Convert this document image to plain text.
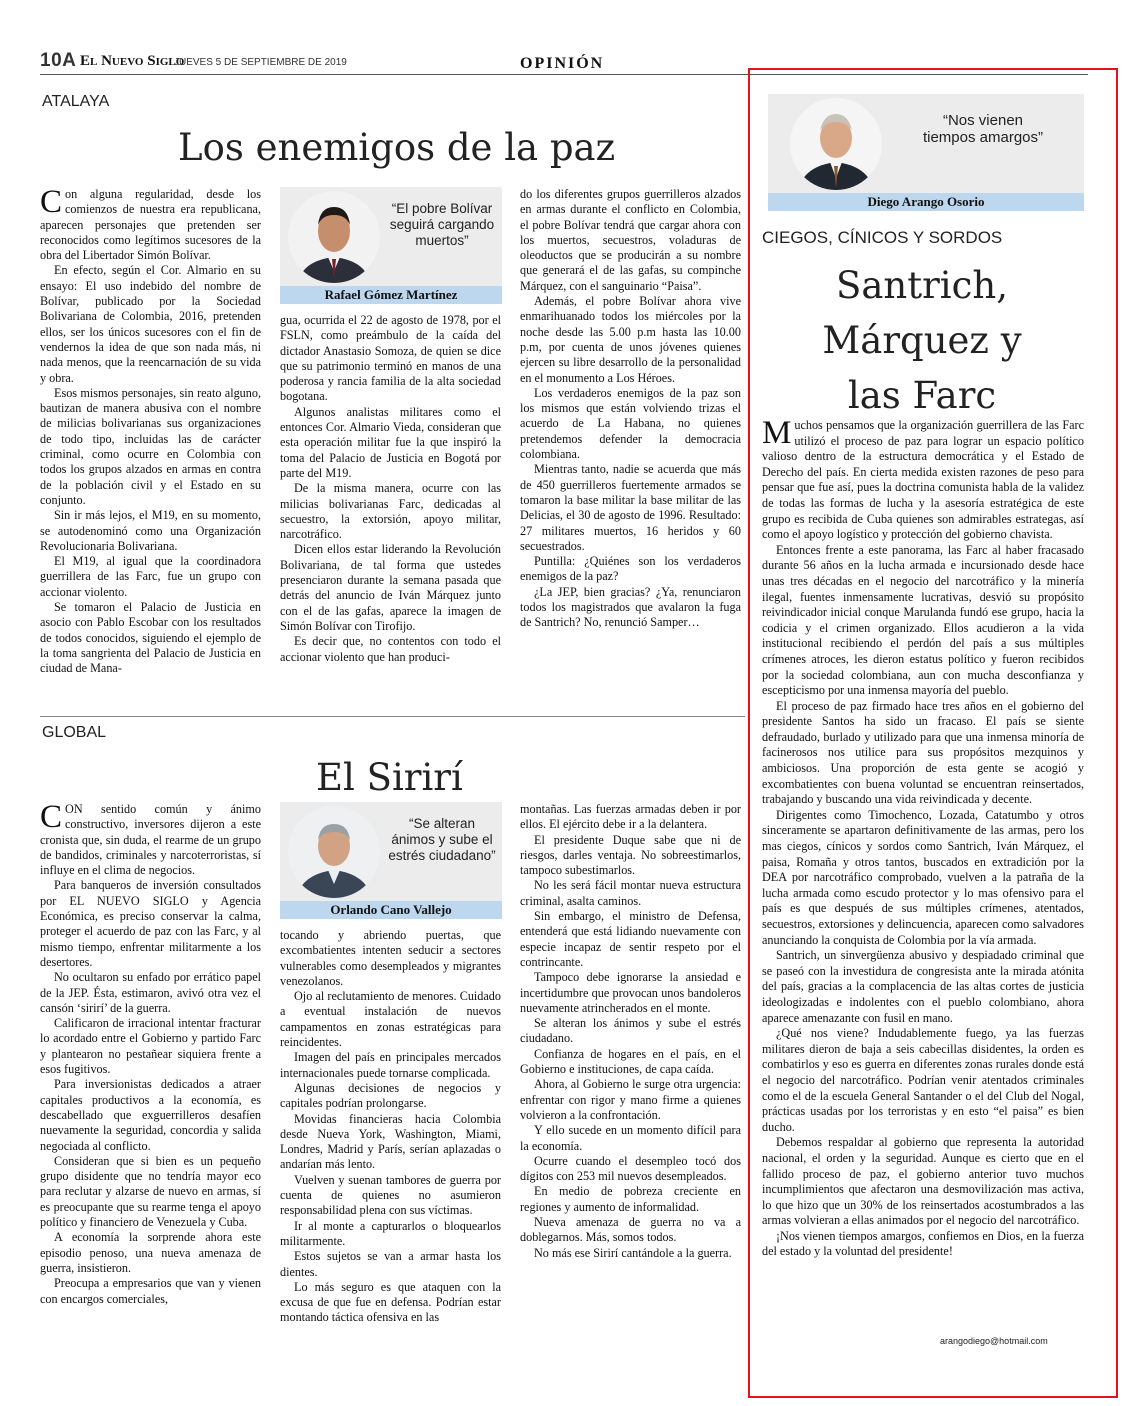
10A El Nuevo Siglo
JUEVES 5 DE SEPTIEMBRE DE 2019	OPINIÓN
ATALAYA
Los enemigos de la paz

Con alguna regularidad, desde los comienzos de nuestra era republicana, aparecen personajes que pretenden ser reconocidos como legítimos sucesores de la obra del Libertador Simón Bolívar.

En efecto, según el Cor. Almario en su ensayo: El uso indebido del nombre de Bolívar, publicado por la Sociedad Bolivariana de Colombia, 2016, pretenden ellos, ser los únicos sucesores con el fin de vendernos la idea de que son nada más, ni nada menos, que la reencarnación de su vida y obra.

Esos mismos personajes, sin reato alguno, bautizan de manera abusiva con el nombre de milicias bolivarianas sus organizaciones de todo tipo, incluidas las de carácter criminal, como ocurre en Colombia con todos los grupos alzados en armas en contra de la población civil y el Estado en su conjunto.

Sin ir más lejos, el M19, en su momento, se autodenominó como una Organización Revolucionaria Bolivariana.

El M19, al igual que la coordinadora guerrillera de las Farc, fue un grupo con accionar violento.

Se tomaron el Palacio de Justicia en asocio con Pablo Escobar con los resultados de todos conocidos, siguiendo el ejemplo de la toma sangrienta del Palacio de Justicia en ciudad de Mana-

“El pobre Bolívar seguirá cargando muertos”
Rafael Gómez Martínez

gua, ocurrida el 22 de agosto de 1978, por el FSLN, como preámbulo de la caída del dictador Anastasio Somoza, de quien se dice que su patrimonio terminó en manos de una poderosa y rancia familia de la alta sociedad bogotana.

Algunos analistas militares como el entonces Cor. Almario Vieda, consideran que esta operación militar fue la que inspiró la toma del Palacio de Justicia en Bogotá por parte del M19.

De la misma manera, ocurre con las milicias bolivarianas Farc, dedicadas al secuestro, la extorsión, apoyo militar, narcotráfico.

Dicen ellos estar liderando la Revolución Bolivariana, de tal forma que ustedes presenciaron durante la semana pasada que detrás del anuncio de Iván Márquez junto con el de las gafas, aparece la imagen de Simón Bolívar con Tirofijo.

Es decir que, no contentos con todo el accionar violento que han produci-

do los diferentes grupos guerrilleros alzados en armas durante el conflicto en Colombia, el pobre Bolívar tendrá que cargar ahora con los muertos, secuestros, voladuras de oleoductos que se producirán a su nombre que generará el de las gafas, su compinche Márquez, con el sanguinario “Paisa”.

Además, el pobre Bolívar ahora vive enmarihuanado todos los miércoles por la noche desde las 5.00 p.m hasta las 10.00 p.m, por cuenta de unos jóvenes quienes ejercen su libre desarrollo de la personalidad en el monumento a Los Héroes.

Los verdaderos enemigos de la paz son los mismos que están volviendo trizas el acuerdo de La Habana, no quienes pretendemos defender la democracia colombiana.

Mientras tanto, nadie se acuerda que más de 450 guerrilleros fuertemente armados se tomaron la base militar la base militar de las Delicias, el 30 de agosto de 1996. Resultado: 27 militares muertos, 16 heridos y 60 secuestrados.

Puntilla: ¿Quiénes son los verdaderos enemigos de la paz?

¿La JEP, bien gracias? ¿Ya, renunciaron todos los magistrados que avalaron la fuga de Santrich? No, renunció Samper…

GLOBAL
El Sirirí

CON sentido común y ánimo constructivo, inversores dijeron a este cronista que, sin duda, el rearme de un grupo de bandidos, criminales y narcoterroristas, sí influye en el clima de negocios.

Para banqueros de inversión consultados por EL NUEVO SIGLO y Agencia Económica, es preciso conservar la calma, proteger el acuerdo de paz con las Farc, y al mismo tiempo, enfrentar militarmente a los desertores.

No ocultaron su enfado por errático papel de la JEP. Ésta, estimaron, avivó otra vez el cansón ‘sirirí’ de la guerra.

Calificaron de irracional intentar fracturar lo acordado entre el Gobierno y partido Farc y plantearon no pestañear siquiera frente a esos fugitivos.

Para inversionistas dedicados a atraer capitales productivos a la economía, es descabellado que exguerrilleros desafíen nuevamente la seguridad, concordia y salida negociada al conflicto.

Consideran que si bien es un pequeño grupo disidente que no tendría mayor eco para reclutar y alzarse de nuevo en armas, sí es preocupante que su rearme tenga el apoyo político y financiero de Venezuela y Cuba.

A economía la sorprende ahora este episodio penoso, una nueva amenaza de guerra, insistieron.

Preocupa a empresarios que van y vienen con encargos comerciales,

“Se alteran ánimos y sube el estrés ciudadano”
Orlando Cano Vallejo

tocando y abriendo puertas, que excombatientes intenten seducir a sectores vulnerables como desempleados y migrantes venezolanos.

Ojo al reclutamiento de menores. Cuidado a eventual instalación de nuevos campamentos en zonas estratégicas para reincidentes.

Imagen del país en principales mercados internacionales puede tornarse complicada.

Algunas decisiones de negocios y capitales podrían prolongarse.

Movidas financieras hacia Colombia desde Nueva York, Washington, Miami, Londres, Madrid y París, serían aplazadas o andarían más lento.

Vuelven y suenan tambores de guerra por cuenta de quienes no asumieron responsabilidad plena con sus víctimas.

Ir al monte a capturarlos o bloquearlos militarmente.

Estos sujetos se van a armar hasta los dientes.

Lo más seguro es que ataquen con la excusa de que fue en defensa. Podrían estar montando táctica ofensiva en las

montañas. Las fuerzas armadas deben ir por ellos. El ejército debe ir a la delantera.

El presidente Duque sabe que ni de riesgos, darles ventaja. No sobreestimarlos, tampoco subestimarlos.

No les será fácil montar nueva estructura criminal, asalta caminos.

Sin embargo, el ministro de Defensa, entenderá que está lidiando nuevamente con especie incapaz de sentir respeto por el contrincante.

Tampoco debe ignorarse la ansiedad e incertidumbre que provocan unos bandoleros nuevamente atrincherados en el monte.

Se alteran los ánimos y sube el estrés ciudadano.

Confianza de hogares en el país, en el Gobierno e instituciones, de capa caída.

Ahora, al Gobierno le surge otra urgencia: enfrentar con rigor y mano firme a quienes volvieron a la confrontación.

Y ello sucede en un momento difícil para la economía.

Ocurre cuando el desempleo tocó dos dígitos con 253 mil nuevos desempleados.

En medio de pobreza creciente en regiones y aumento de informalidad.

Nueva amenaza de guerra no va a doblegarnos. Más, somos todos.

No más ese Sirirí cantándole a la guerra.

“Nos vienen tiempos amargos”
Diego Arango Osorio
CIEGOS, CÍNICOS Y SORDOS
Santrich,
Márquez y
las Farc

Muchos pensamos que la organización guerrillera de las Farc utilizó el proceso de paz para lograr un espacio político valioso dentro de la estructura democrática y el Estado de Derecho del país. En cierta medida existen razones de peso para pensar que fue así, pues la doctrina comunista habla de la validez de todas las formas de lucha y la asesoría estratégica de este grupo es recibida de Cuba quienes son admirables estrategas, así como el apoyo logístico y protección del gobierno chavista.

Entonces frente a este panorama, las Farc al haber fracasado durante 56 años en la lucha armada e incursionado desde hace unas tres décadas en el negocio del narcotráfico y la minería ilegal, fuentes inmensamente lucrativas, desvió su propósito reivindicador inicial conque Marulanda fundó ese grupo, hacia la codicia y el crimen organizado. Ellos acudieron a la vida institucional recibiendo el perdón del país a sus múltiples crímenes atroces, les dieron estatus político y fueron recibidos por la sociedad colombiana, aun con mucha desconfianza y escepticismo por una inmensa mayoría del pueblo.

El proceso de paz firmado hace tres años en el gobierno del presidente Santos ha sido un fracaso. El país se siente defraudado, burlado y utilizado para que una inmensa minoría de facinerosos nos utilice para sus propósitos mezquinos y ambiciosos. Una proporción de esta gente se acogió y excombatientes con buena voluntad se encuentran reinsertados, trabajando y buscando una vida reivindicada y decente.

Dirigentes como Timochenco, Lozada, Catatumbo y otros sinceramente se apartaron definitivamente de las armas, pero los mas ciegos, cínicos y sordos como Santrich, Iván Márquez, el paisa, Romaña y otros tantos, buscados en extradición por la DEA por narcotráfico comprobado, vuelven a la patraña de la lucha armada como escudo protector y lo mas ofensivo para el país es que después de sus múltiples crímenes, atentados, secuestros, extorsiones y delincuencia, aparecen como salvadores anunciando la conquista de Colombia por la vía armada.

Santrich, un sinvergüenza abusivo y despiadado criminal que se paseó con la investidura de congresista ante la mirada atónita del país, gracias a la complacencia de las altas cortes de justicia ideologizadas e indolentes con el pueblo colombiano, ahora aparece amenazante con fusil en mano.

¿Qué nos viene? Indudablemente fuego, ya las fuerzas militares dieron de baja a seis cabecillas disidentes, la orden es combatirlos y eso es guerra en diferentes zonas rurales donde está el negocio del narcotráfico. Podrían venir atentados criminales como el de la escuela General Santander o el del Club del Nogal, prácticas usadas por los terroristas y en esto “el paisa” es bien ducho.

Debemos respaldar al gobierno que representa la autoridad nacional, el orden y la seguridad. Aunque es cierto que en el fallido proceso de paz, el gobierno anterior tuvo muchos incumplimientos que afectaron una desmovilización mas activa, lo que hizo que un 30% de los reinsertados acostumbrados a las armas volvieran a ellas animados por el negocio del narcotráfico.

¡Nos vienen tiempos amargos, confiemos en Dios, en la fuerza del estado y la voluntad del presidente!

arangodiego@hotmail.com
